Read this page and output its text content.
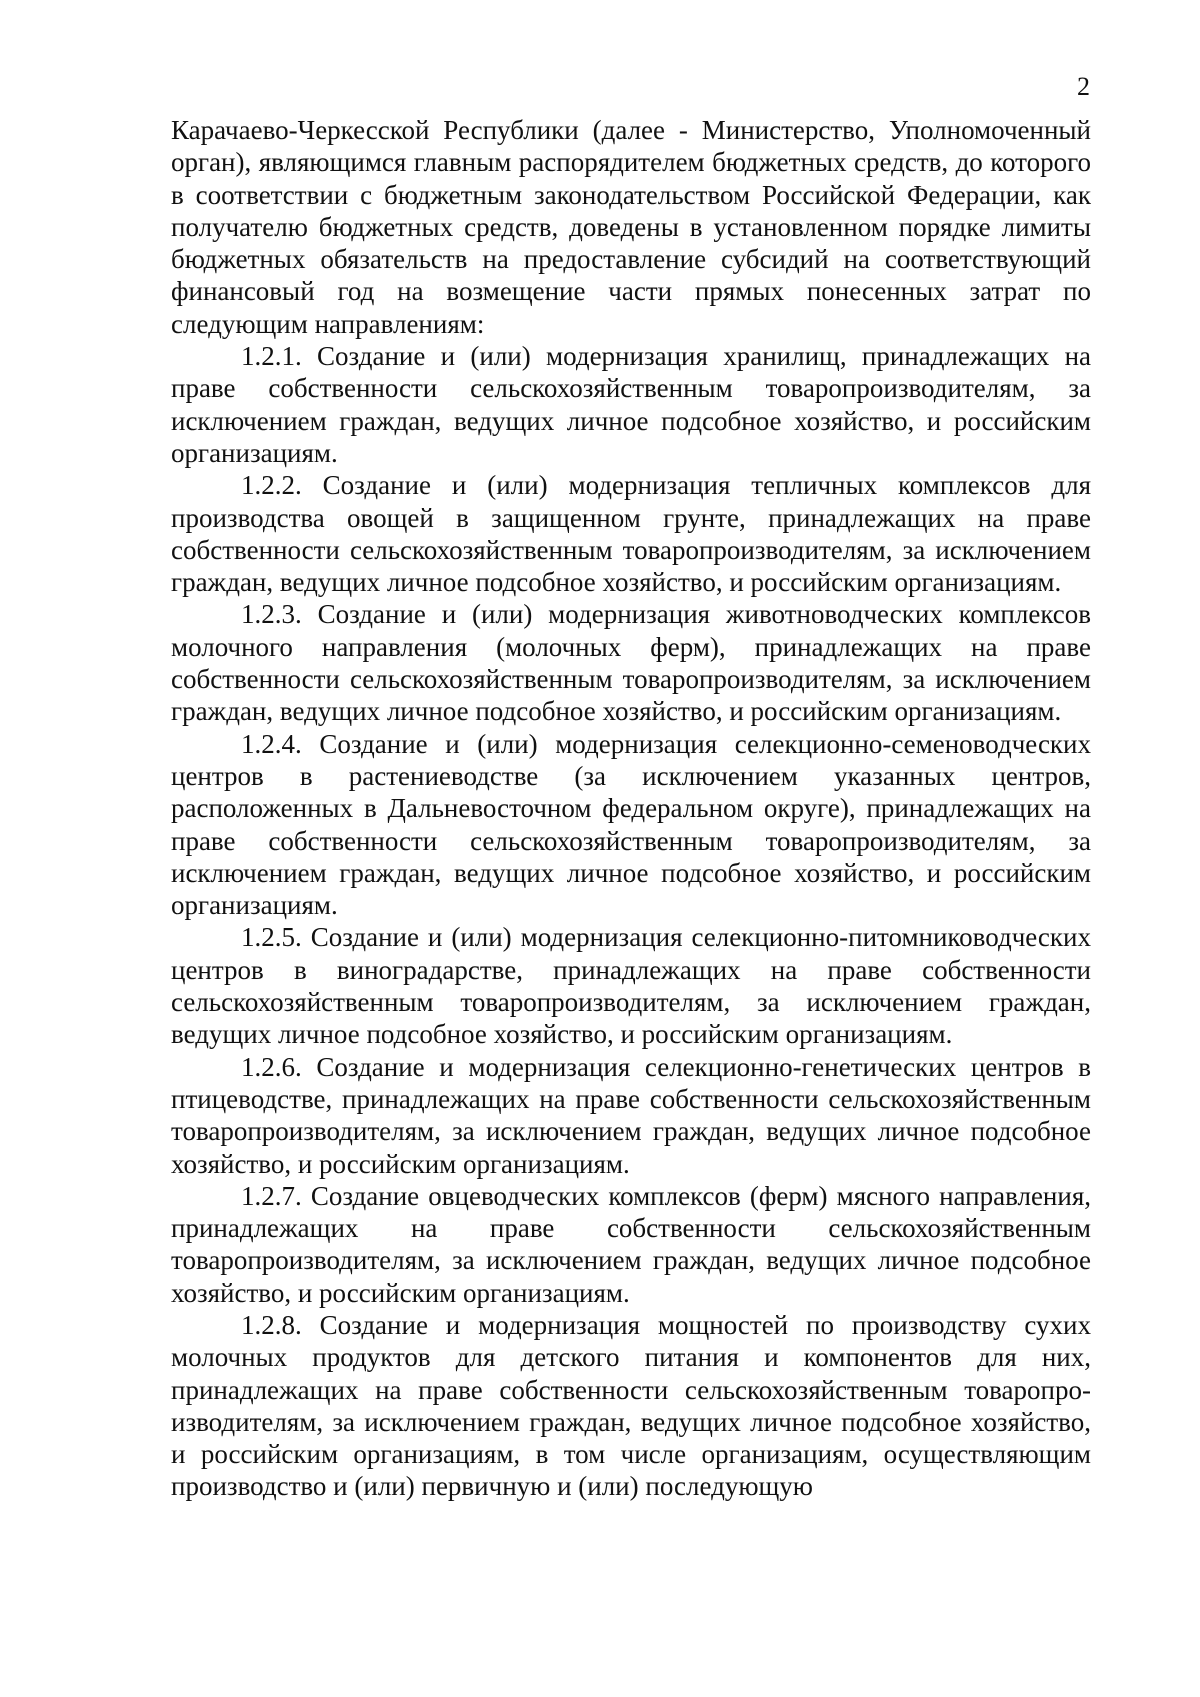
2

Карачаево-Черкесской Республики (далее - Министерство, Уполномоченный орган), являющимся главным распорядителем бюджетных средств, до которого в соответствии с бюджетным законодательством Российской Федерации, как получателю бюджетных средств, доведены в установленном порядке лимиты бюджетных обязательств на предоставление субсидий на соответствующий финансовый год на возмещение части прямых понесенных затрат по следующим направлениям:

1.2.1. Создание и (или) модернизация хранилищ, принадлежащих на праве собственности сельскохозяйственным товаропроизводителям, за исключением граждан, ведущих личное подсобное хозяйство, и российским организациям.

1.2.2. Создание и (или) модернизация тепличных комплексов для производства овощей в защищенном грунте, принадлежащих на праве собственности сельскохозяйственным товаропроизводителям, за исключением граждан, ведущих личное подсобное хозяйство, и российским организациям.

1.2.3. Создание и (или) модернизация животноводческих комплексов молочного направления (молочных ферм), принадлежащих на праве собственности сельскохозяйственным товаропроизводителям, за исключением граждан, ведущих личное подсобное хозяйство, и российским организациям.

1.2.4. Создание и (или) модернизация селекционно-семеноводческих центров в растениеводстве (за исключением указанных центров, расположенных в Дальневосточном федеральном округе), принадлежащих на праве собственности сельскохозяйственным товаропроизводителям, за исключением граждан, ведущих личное подсобное хозяйство, и российским организациям.

1.2.5. Создание и (или) модернизация селекционно-питомниководческих центров в виноградарстве, принадлежащих на праве собственности сельскохозяйственным товаропроизводителям, за исключением граждан, ведущих личное подсобное хозяйство, и российским организациям.

1.2.6. Создание и модернизация селекционно-генетических центров в птицеводстве, принадлежащих на праве собственности сельскохозяйственным товаропроизводителям, за исключением граждан, ведущих личное подсобное хозяйство, и российским организациям.

1.2.7. Создание овцеводческих комплексов (ферм) мясного направления, принадлежащих на праве собственности сельскохозяйственным товаропроизводителям, за исключением граждан, ведущих личное подсобное хозяйство, и российским организациям.

1.2.8. Создание и модернизация мощностей по производству сухих молочных продуктов для детского питания и компонентов для них, принадлежащих на праве собственности сельскохозяйственным товаропроизводителям, за исключением граждан, ведущих личное подсобное хозяйство, и российским организациям, в том числе организациям, осуществляющим производство и (или) первичную и (или) последующую
